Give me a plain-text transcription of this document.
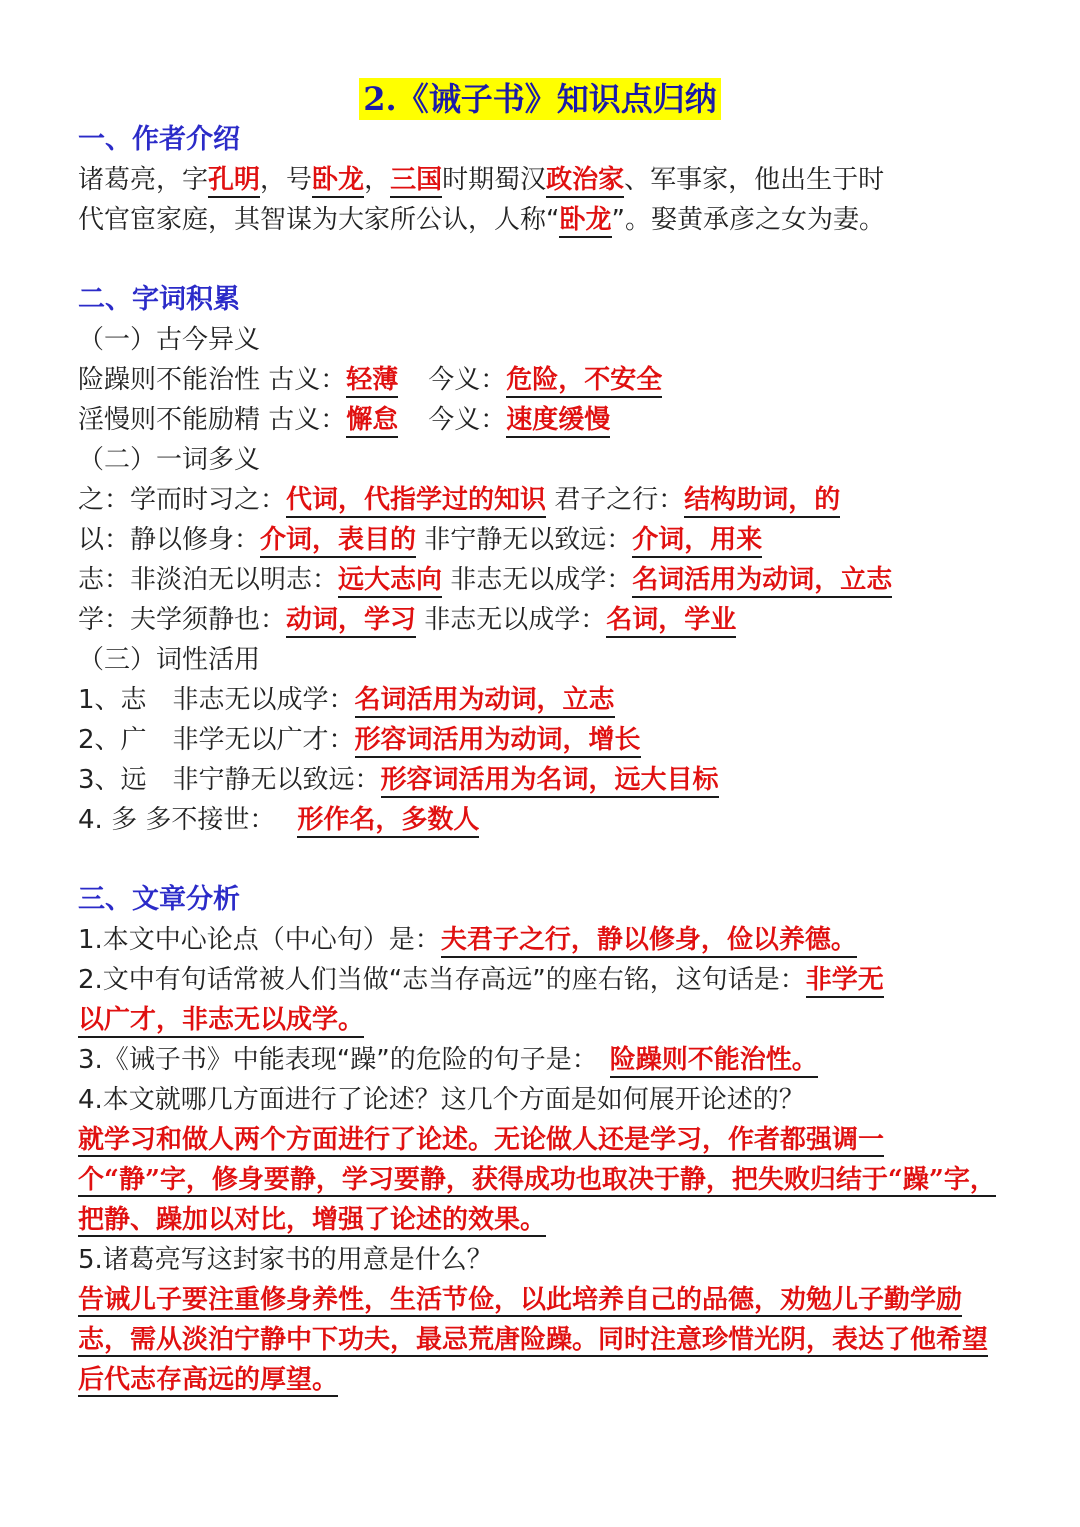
2.《诫子书》知识点归纳
一、作者介绍
诸葛亮，字孔明，号卧龙，三国时期蜀汉政治家、军事家，他出生于时
代官宦家庭，其智谋为大家所公认，人称“卧龙”。娶黄承彦之女为妻。
二、字词积累
（一）古今异义
险躁则不能治性 古义：轻薄 今义：危险，不安全
淫慢则不能励精 古义：懈怠 今义：速度缓慢
（二）一词多义
之：学而时习之：代词，代指学过的知识 君子之行：结构助词，的
以：静以修身：介词，表目的 非宁静无以致远：介词，用来
志：非淡泊无以明志：远大志向 非志无以成学：名词活用为动词，立志
学：夫学须静也：动词，学习 非志无以成学：名词，学业
（三）词性活用
1、志　非志无以成学：名词活用为动词，立志
2、广　非学无以广才：形容词活用为动词，增长
3、远　非宁静无以致远：形容词活用为名词，远大目标
4. 多 多不接世： 形作名，多数人
三、文章分析
1.本文中心论点（中心句）是：夫君子之行，静以修身，俭以养德。
2.文中有句话常被人们当做“志当存高远”的座右铭，这句话是：非学无
以广才，非志无以成学。
3.《诫子书》中能表现“躁”的危险的句子是： 险躁则不能治性。
4.本文就哪几方面进行了论述？这几个方面是如何展开论述的？
就学习和做人两个方面进行了论述。无论做人还是学习，作者都强调一个“静”字，修身要静，学习要静，获得成功也取决于静，把失败归结于“躁”字，把静、躁加以对比，增强了论述的效果。
5.诸葛亮写这封家书的用意是什么？
告诫儿子要注重修身养性，生活节俭，以此培养自己的品德，劝勉儿子勤学励志，需从淡泊宁静中下功夫，最忌荒唐险躁。同时注意珍惜光阴，表达了他希望后代志存高远的厚望。
